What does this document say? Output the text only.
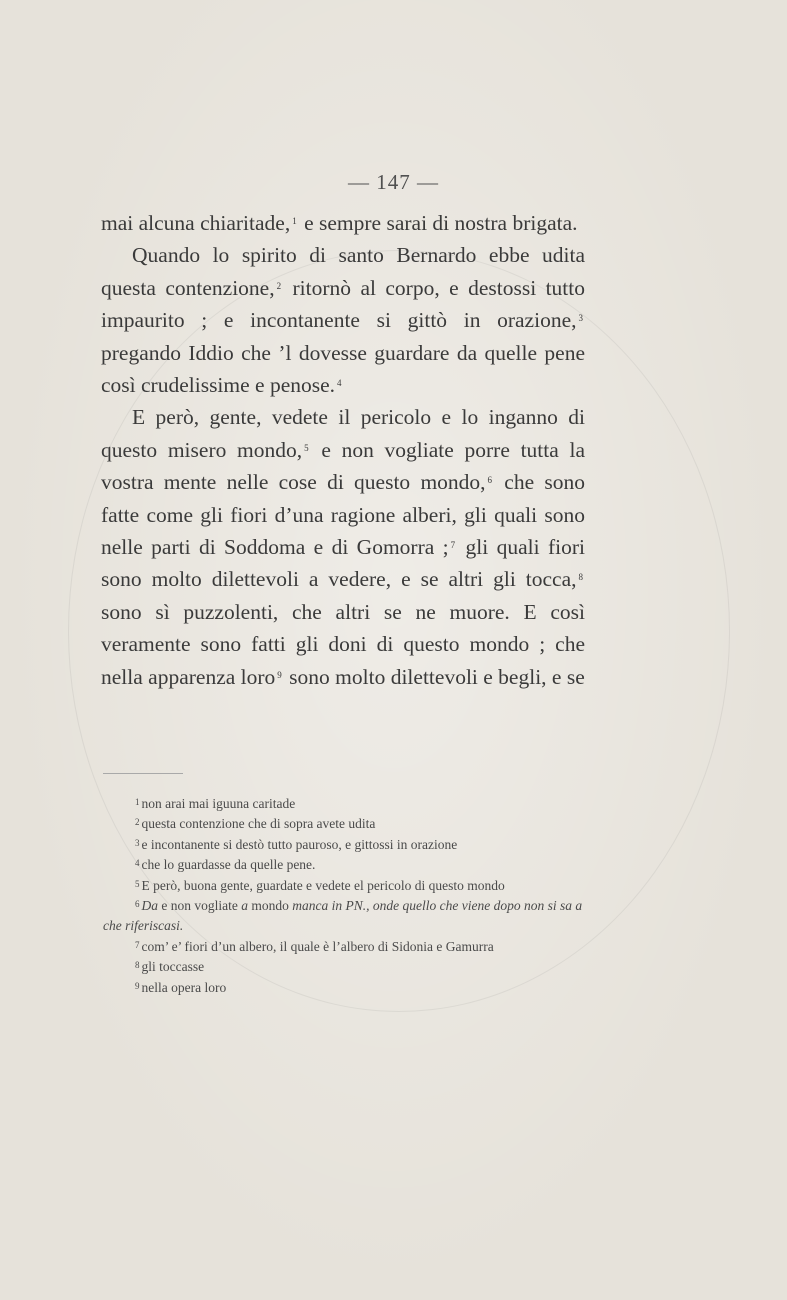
— 147 —

mai alcuna chiaritade, $^1$ e sempre sarai di nostra brigata.

Quando lo spirito di santo Bernardo ebbe udita questa contenzione, $^2$ ritornò al corpo, e destossi tutto impaurito ; e incontanente si gittò in orazione, $^3$ pregando Iddio che ’l dovesse guardare da quelle pene così crudelissime e penose. $^4$

E però, gente, vedete il pericolo e lo inganno di questo misero mondo, $^5$ e non vogliate porre tutta la vostra mente nelle cose di questo mondo, $^6$ che sono fatte come gli fiori d’una ragione alberi, gli quali sono nelle parti di Soddoma e di Gomorra ; $^7$ gli quali fiori sono molto dilettevoli a vedere, e se altri gli tocca, $^8$ sono sì puzzolenti, che altri se ne muore. E così veramente sono fatti gli doni di questo mondo ; che nella apparenza loro $^9$ sono molto dilettevoli e begli, e se

$^1$ non arai mai iguuna caritade

$^2$ questa contenzione che di sopra avete udita

$^3$ e incontanente si destò tutto pauroso, e gittossi in orazione

$^4$ che lo guardasse da quelle pene.

$^5$ E però, buona gente, guardate e vedete el pericolo di questo mondo

$^6$ Da e non vogliate a mondo manca in PN., onde quello che viene dopo non si sa a che riferiscasi.

$^7$ com’ e’ fiori d’un albero, il quale è l’albero di Sidonia e Gamurra

$^8$ gli toccasse

$^9$ nella opera loro
